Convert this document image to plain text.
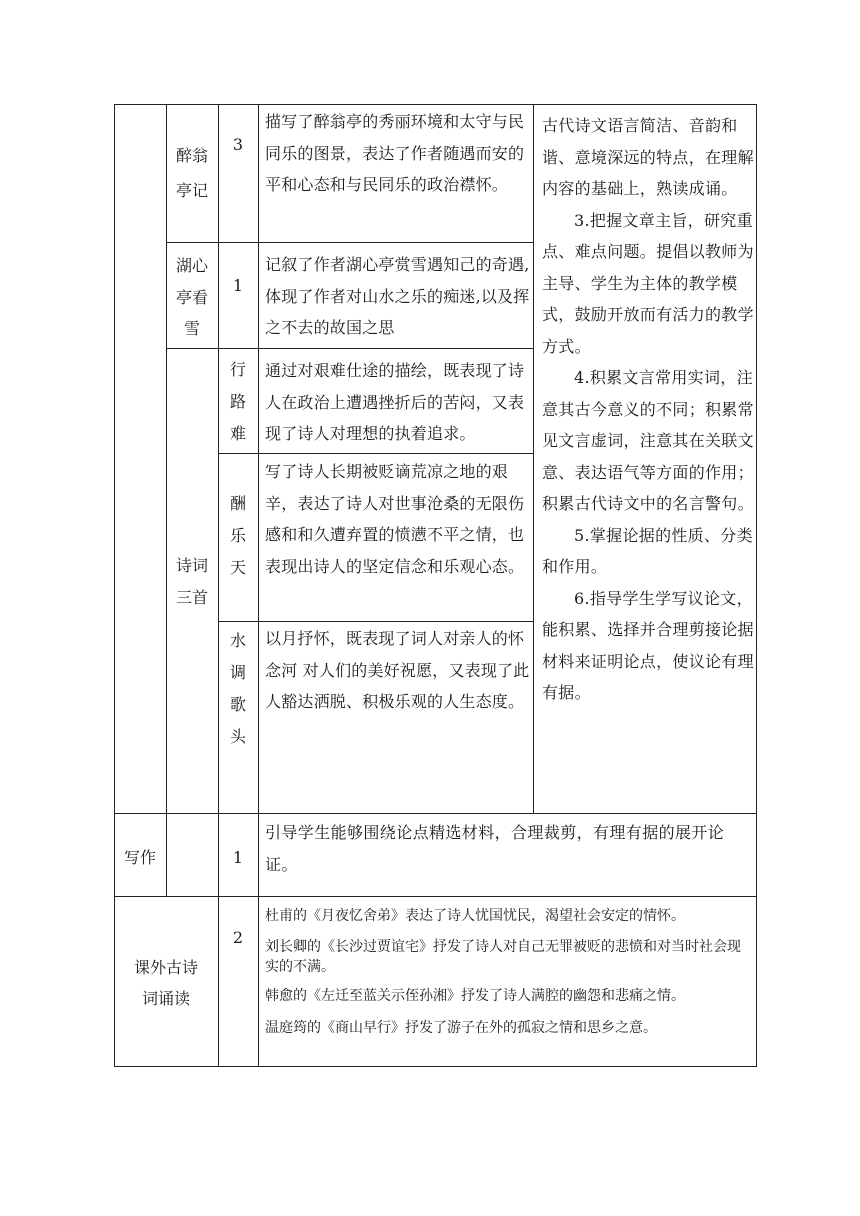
醉翁
亭记
3
描写了醉翁亭的秀丽环境和太守与民同乐的图景，表达了作者随遇而安的平和心态和与民同乐的政治襟怀。
湖心
亭看
雪
1
记叙了作者湖心亭赏雪遇知己的奇遇,体现了作者对山水之乐的痴迷,以及挥之不去的故国之思
诗词
三首
行
路
难
通过对艰难仕途的描绘，既表现了诗人在政治上遭遇挫折后的苦闷，又表现了诗人对理想的执着追求。
酬
乐
天
写了诗人长期被贬谪荒凉之地的艰辛，表达了诗人对世事沧桑的无限伤感和和久遭弃置的愤懑不平之情，也表现出诗人的坚定信念和乐观心态。
水
调
歌
头
以月抒怀，既表现了词人对亲人的怀念河 对人们的美好祝愿，又表现了此人豁达洒脱、积极乐观的人生态度。

古代诗文语言简洁、音韵和谐、意境深远的特点，在理解内容的基础上，熟读成诵。

3.把握文章主旨，研究重点、难点问题。提倡以教师为主导、学生为主体的教学模式，鼓励开放而有活力的教学方式。

4.积累文言常用实词，注意其古今意义的不同；积累常见文言虚词，注意其在关联文意、表达语气等方面的作用；积累古代诗文中的名言警句。

5.掌握论据的性质、分类和作用。

6.指导学生学写议论文，能积累、选择并合理剪接论据材料来证明论点，使议论有理有据。

写作	1
引导学生能够围绕论点精选材料，合理裁剪，有理有据的展开论证。
课外古诗
词诵读
2

杜甫的《月夜忆舍弟》表达了诗人忧国忧民，渴望社会安定的情怀。

刘长卿的《长沙过贾谊宅》抒发了诗人对自己无罪被贬的悲愤和对当时社会现实的不满。

韩愈的《左迁至蓝关示侄孙湘》抒发了诗人满腔的幽怨和悲痛之情。

温庭筠的《商山早行》抒发了游子在外的孤寂之情和思乡之意。
